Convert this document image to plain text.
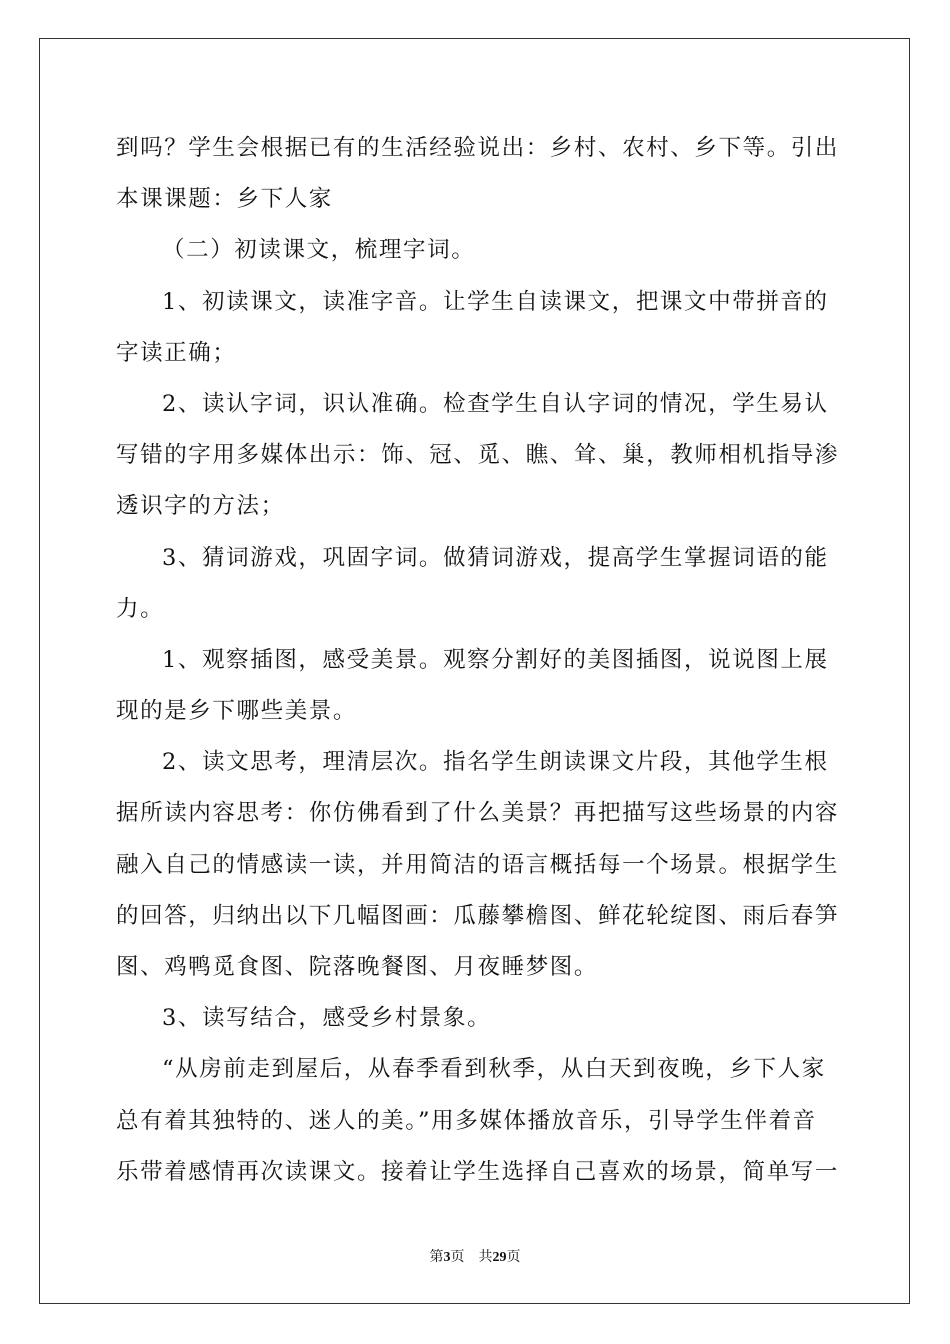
到吗？学生会根据已有的生活经验说出：乡村、农村、乡下等。引出
本课课题：乡下人家
（二）初读课文，梳理字词。
1、初读课文，读准字音。让学生自读课文，把课文中带拼音的
字读正确；
2、读认字词，识认准确。检查学生自认字词的情况，学生易认
写错的字用多媒体出示：饰、冠、觅、瞧、耸、巢，教师相机指导渗
透识字的方法；
3、猜词游戏，巩固字词。做猜词游戏，提高学生掌握词语的能
力。
1、观察插图，感受美景。观察分割好的美图插图，说说图上展
现的是乡下哪些美景。
2、读文思考，理清层次。指名学生朗读课文片段，其他学生根
据所读内容思考：你仿佛看到了什么美景？再把描写这些场景的内容
融入自己的情感读一读，并用简洁的语言概括每一个场景。根据学生
的回答，归纳出以下几幅图画：瓜藤攀檐图、鲜花轮绽图、雨后春笋
图、鸡鸭觅食图、院落晚餐图、月夜睡梦图。
3、读写结合，感受乡村景象。
“从房前走到屋后，从春季看到秋季，从白天到夜晚，乡下人家
总有着其独特的、迷人的美。”用多媒体播放音乐，引导学生伴着音
乐带着感情再次读课文。接着让学生选择自己喜欢的场景，简单写一
第3页 共29页
